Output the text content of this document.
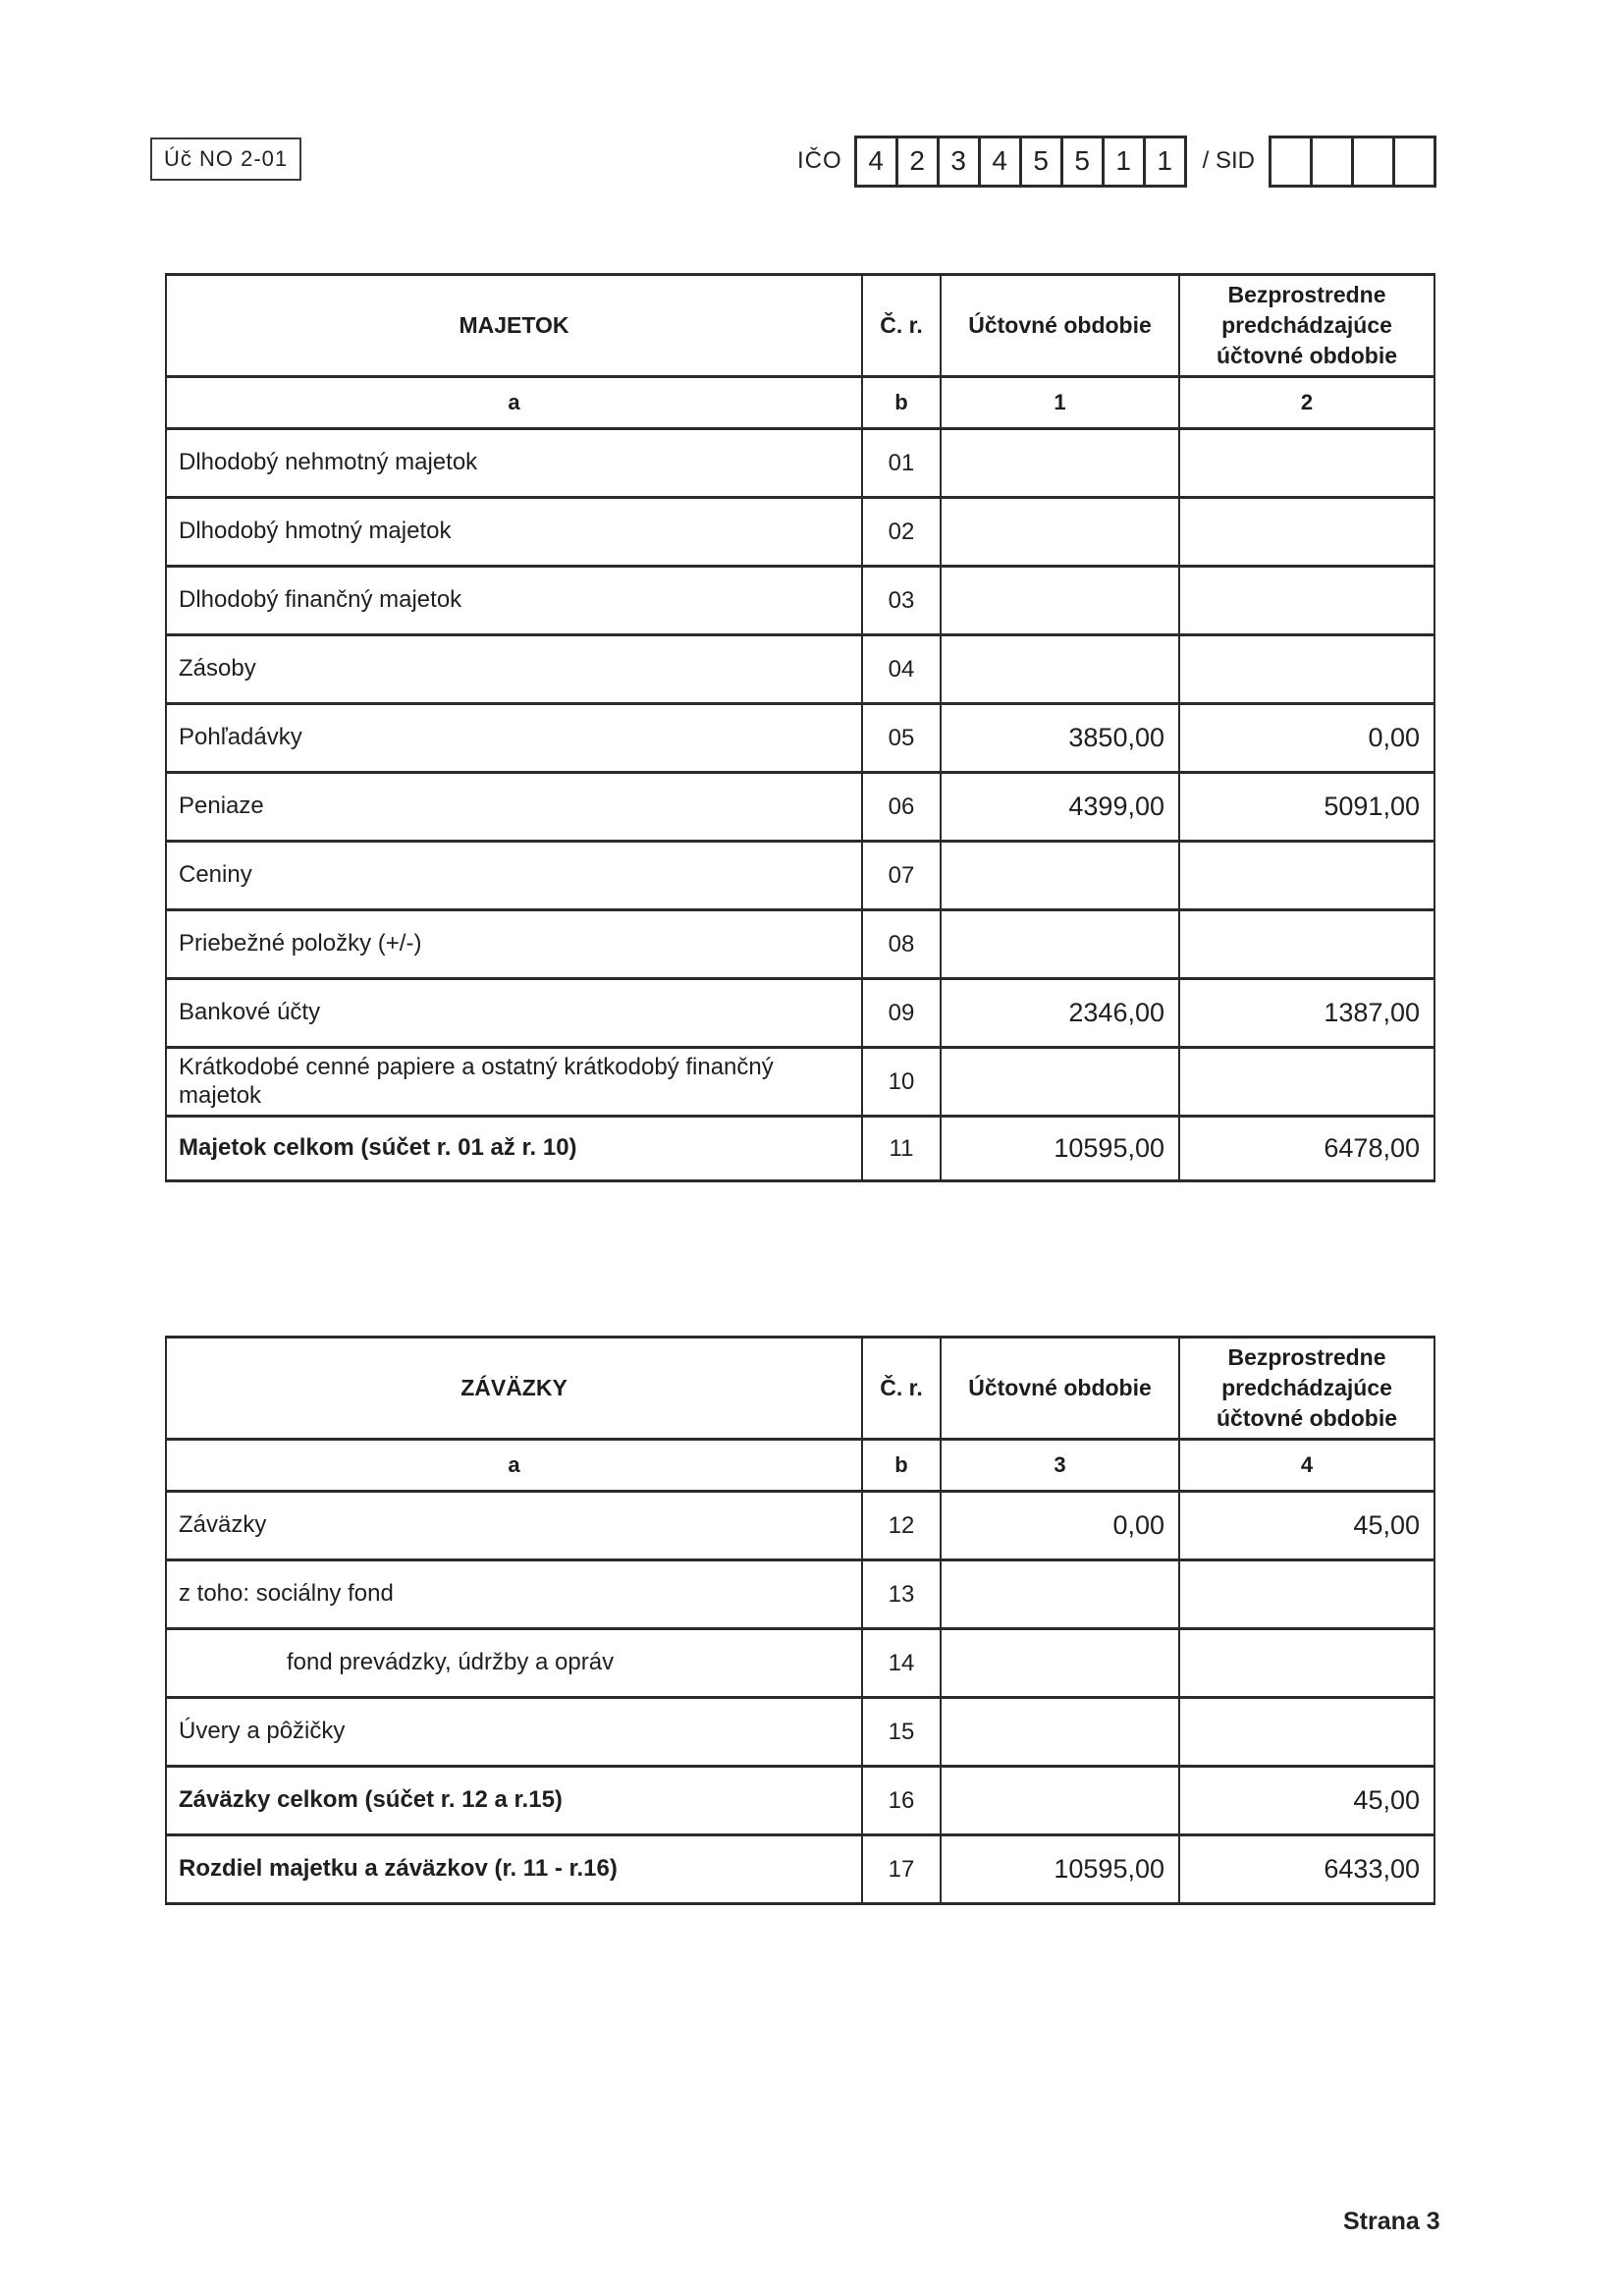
Úč NO 2-01	IČO 4 2 3 4 5 5 1 1	/ SID
MAJETOK	Č. r.	Účtovné obdobie	Bezprostredne predchádzajúce účtovné obdobie
a	b	1	2
Dlhodobý nehmotný majetok	01		
Dlhodobý hmotný majetok	02		
Dlhodobý finančný majetok	03		
Zásoby	04		
Pohľadávky	05	3850,00	0,00
Peniaze	06	4399,00	5091,00
Ceniny	07		
Priebežné položky (+/-)	08		
Bankové účty	09	2346,00	1387,00
Krátkodobé cenné papiere a ostatný krátkodobý finančný majetok	10		
Majetok celkom (súčet r. 01 až r. 10)	11	10595,00	6478,00
ZÁVÄZKY	Č. r.	Účtovné obdobie	Bezprostredne predchádzajúce účtovné obdobie
a	b	3	4
Záväzky	12	0,00	45,00
z toho: sociálny fond	13		
fond prevádzky, údržby a opráv	14		
Úvery a pôžičky	15		
Záväzky celkom (súčet r. 12 a r.15)	16		45,00
Rozdiel majetku a záväzkov (r. 11 - r.16)	17	10595,00	6433,00
Strana 3
